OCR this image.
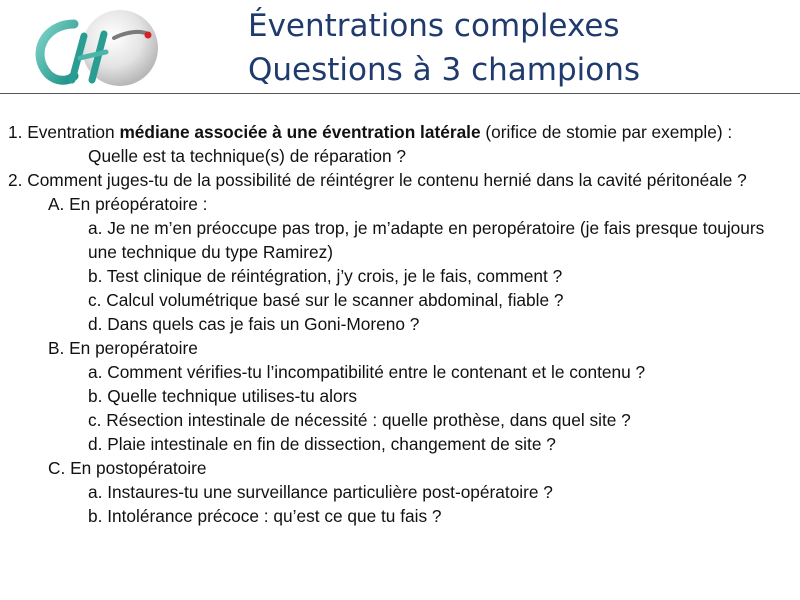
Éventrations complexes
Questions à 3 champions

1. Eventration médiane associée à une éventration latérale (orifice de stomie par exemple) :

Quelle est ta technique(s) de réparation ?

2. Comment juges-tu de la possibilité de réintégrer le contenu hernié dans la cavité péritonéale ?

A. En préopératoire :

a. Je ne m’en préoccupe pas trop, je m’adapte en peropératoire (je fais presque toujours une technique du type Ramirez)

b. Test clinique de réintégration, j’y crois, je le fais, comment ?

c. Calcul volumétrique basé sur le scanner abdominal, fiable ?

d. Dans quels cas je fais un Goni-Moreno ?

B. En peropératoire

a. Comment vérifies-tu l’incompatibilité entre le contenant et le contenu ?

b. Quelle technique utilises-tu alors

c. Résection intestinale de nécessité : quelle prothèse, dans quel site ?

d. Plaie intestinale en fin de dissection, changement de site ?

C. En postopératoire

a. Instaures-tu une surveillance particulière post-opératoire ?

b. Intolérance précoce : qu’est ce que tu fais ?
